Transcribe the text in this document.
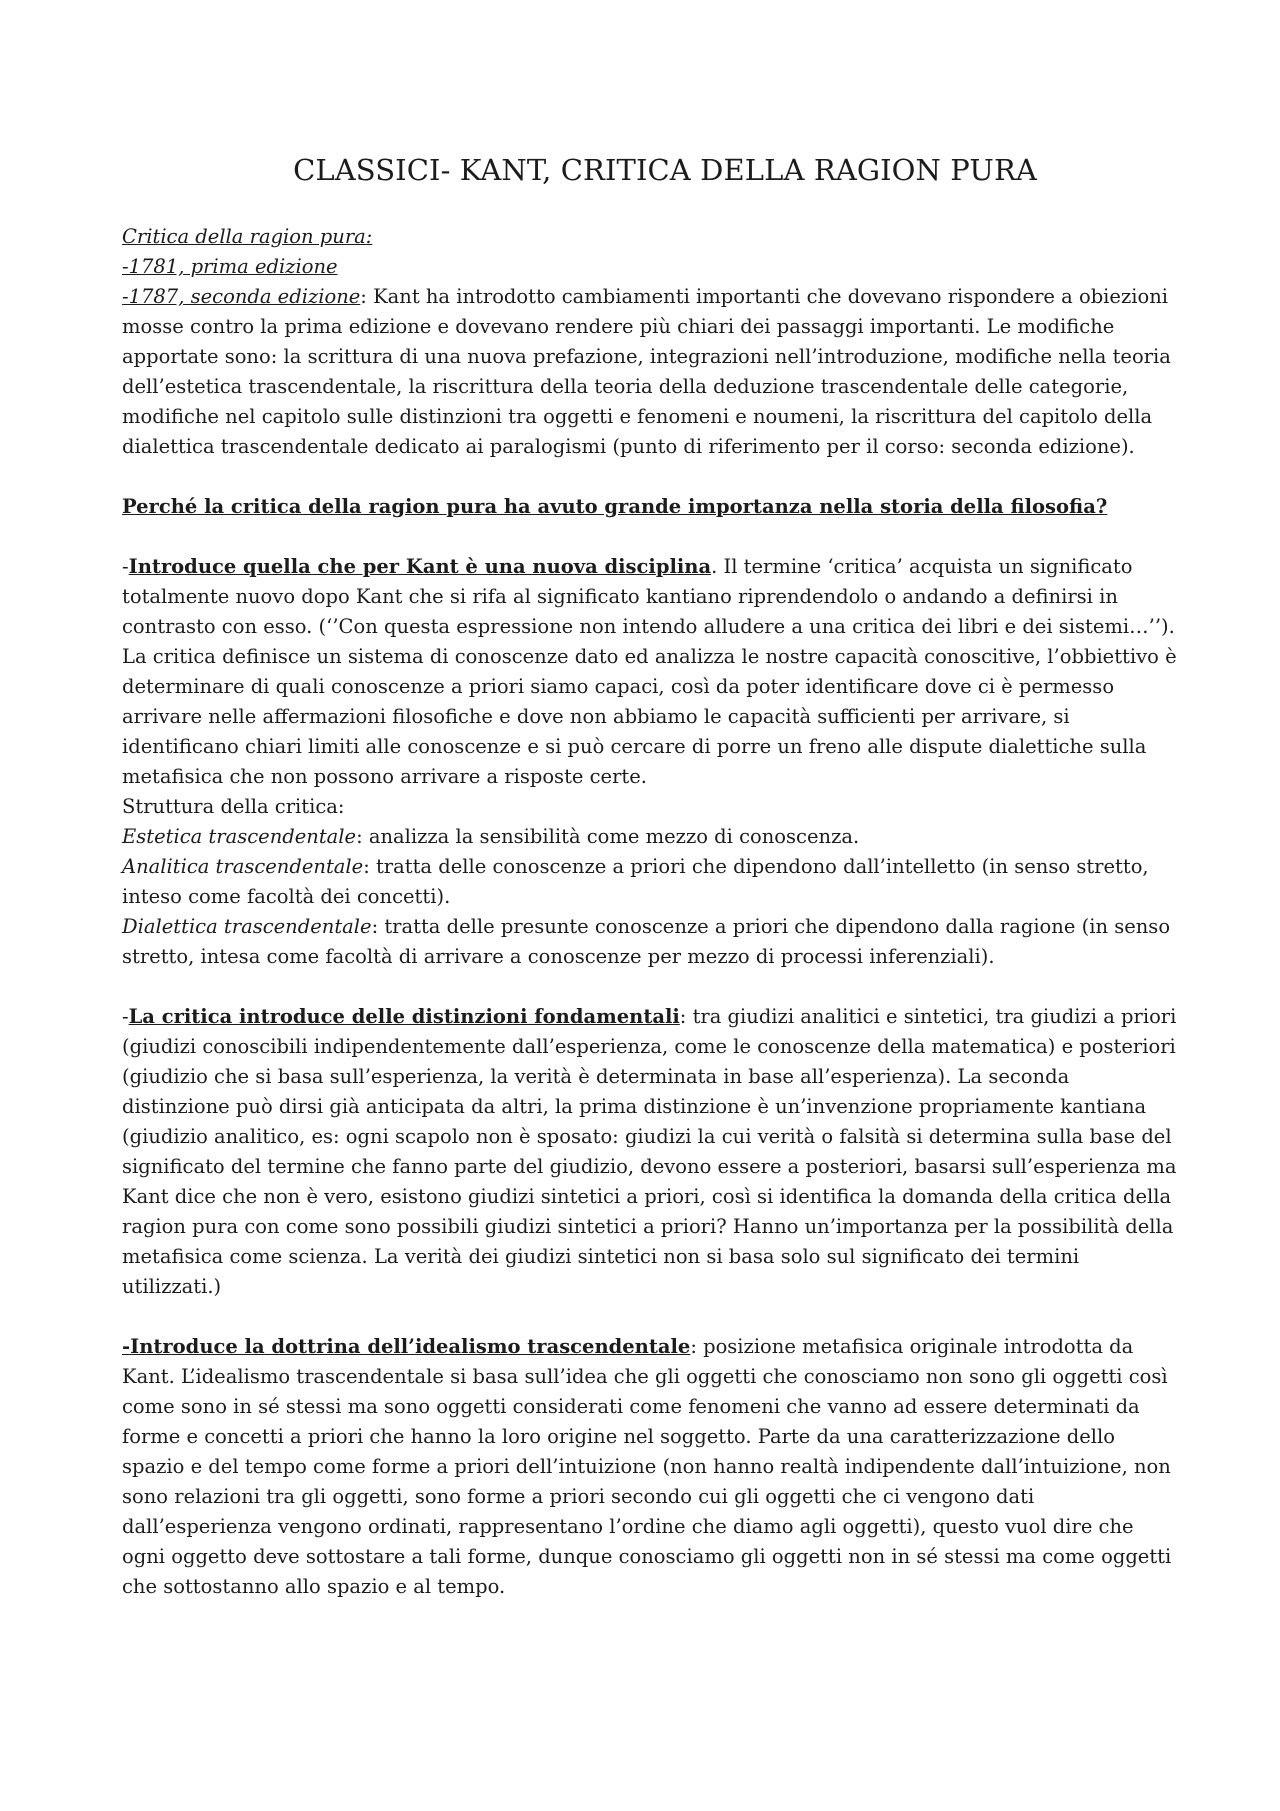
CLASSICI- KANT, CRITICA DELLA RAGION PURA

Critica della ragion pura:

-1781, prima edizione

-1787, seconda edizione: Kant ha introdotto cambiamenti importanti che dovevano rispondere a obiezioni mosse contro la prima edizione e dovevano rendere più chiari dei passaggi importanti. Le modifiche apportate sono: la scrittura di una nuova prefazione, integrazioni nell’introduzione, modifiche nella teoria dell’estetica trascendentale, la riscrittura della teoria della deduzione trascendentale delle categorie, modifiche nel capitolo sulle distinzioni tra oggetti e fenomeni e noumeni, la riscrittura del capitolo della dialettica trascendentale dedicato ai paralogismi (punto di riferimento per il corso: seconda edizione).

Perché la critica della ragion pura ha avuto grande importanza nella storia della filosofia?

-Introduce quella che per Kant è una nuova disciplina. Il termine ‘critica’ acquista un significato totalmente nuovo dopo Kant che si rifa al significato kantiano riprendendolo o andando a definirsi in contrasto con esso. (‘’Con questa espressione non intendo alludere a una critica dei libri e dei sistemi…’’). La critica definisce un sistema di conoscenze dato ed analizza le nostre capacità conoscitive, l’obbiettivo è determinare di quali conoscenze a priori siamo capaci, così da poter identificare dove ci è permesso arrivare nelle affermazioni filosofiche e dove non abbiamo le capacità sufficienti per arrivare, si identificano chiari limiti alle conoscenze e si può cercare di porre un freno alle dispute dialettiche sulla metafisica che non possono arrivare a risposte certe.

Struttura della critica:

Estetica trascendentale: analizza la sensibilità come mezzo di conoscenza.

Analitica trascendentale: tratta delle conoscenze a priori che dipendono dall’intelletto (in senso stretto, inteso come facoltà dei concetti).

Dialettica trascendentale: tratta delle presunte conoscenze a priori che dipendono dalla ragione (in senso stretto, intesa come facoltà di arrivare a conoscenze per mezzo di processi inferenziali).

-La critica introduce delle distinzioni fondamentali: tra giudizi analitici e sintetici, tra giudizi a priori (giudizi conoscibili indipendentemente dall’esperienza, come le conoscenze della matematica) e posteriori (giudizio che si basa sull’esperienza, la verità è determinata in base all’esperienza). La seconda distinzione può dirsi già anticipata da altri, la prima distinzione è un’invenzione propriamente kantiana (giudizio analitico, es: ogni scapolo non è sposato: giudizi la cui verità o falsità si determina sulla base del significato del termine che fanno parte del giudizio, devono essere a posteriori, basarsi sull’esperienza ma Kant dice che non è vero, esistono giudizi sintetici a priori, così si identifica la domanda della critica della ragion pura con come sono possibili giudizi sintetici a priori? Hanno un’importanza per la possibilità della metafisica come scienza. La verità dei giudizi sintetici non si basa solo sul significato dei termini utilizzati.)

-Introduce la dottrina dell’idealismo trascendentale: posizione metafisica originale introdotta da Kant. L’idealismo trascendentale si basa sull’idea che gli oggetti che conosciamo non sono gli oggetti così come sono in sé stessi ma sono oggetti considerati come fenomeni che vanno ad essere determinati da forme e concetti a priori che hanno la loro origine nel soggetto. Parte da una caratterizzazione dello spazio e del tempo come forme a priori dell’intuizione (non hanno realtà indipendente dall’intuizione, non sono relazioni tra gli oggetti, sono forme a priori secondo cui gli oggetti che ci vengono dati dall’esperienza vengono ordinati, rappresentano l’ordine che diamo agli oggetti), questo vuol dire che ogni oggetto deve sottostare a tali forme, dunque conosciamo gli oggetti non in sé stessi ma come oggetti che sottostanno allo spazio e al tempo.
